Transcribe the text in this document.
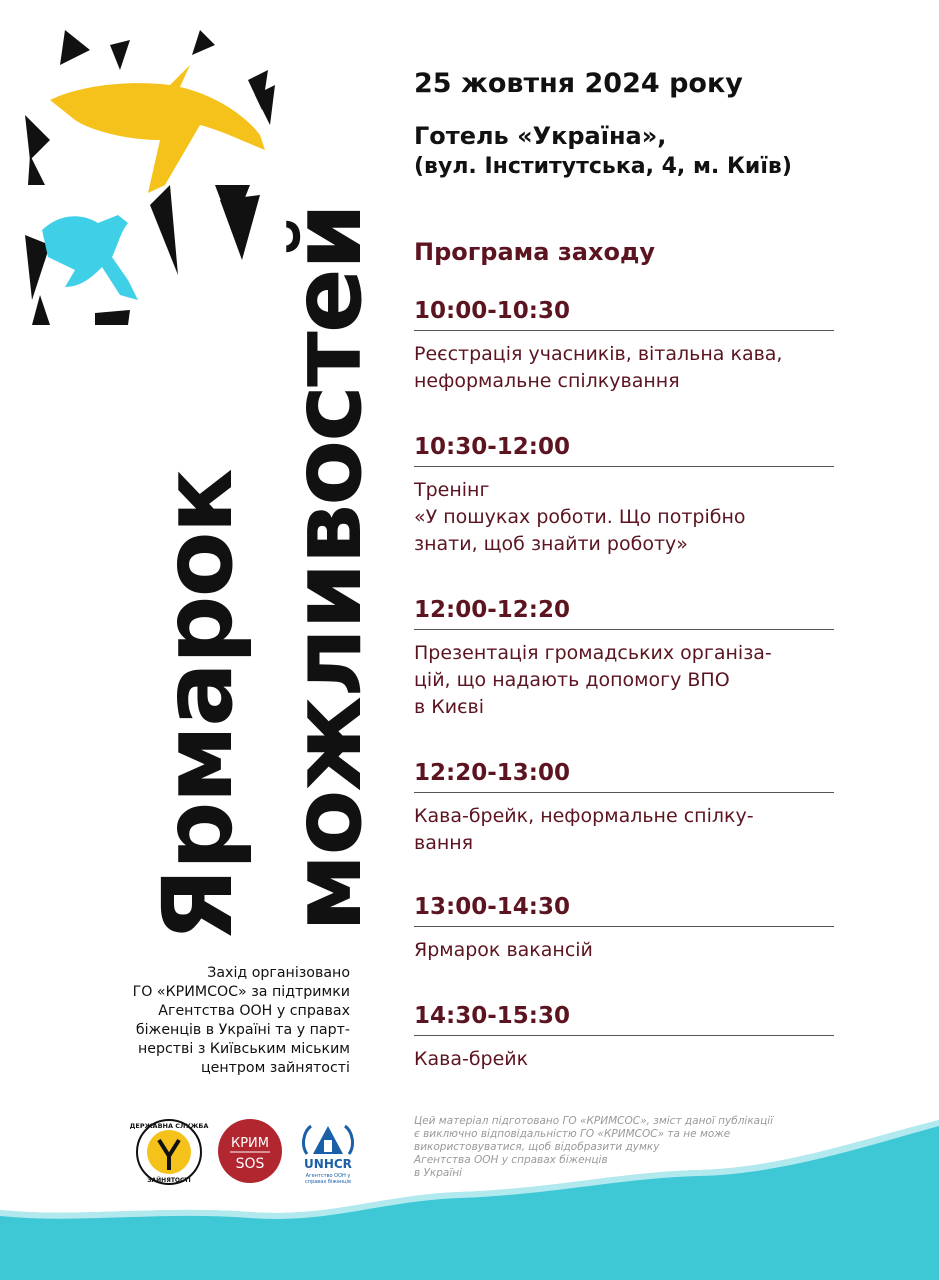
Ярмарок можливостей
25 жовтня 2024 року
Готель «Україна»,
(вул. Інститутська, 4, м. Київ)
Програма заходу
10:00-10:30
Реєстрація учасників, вітальна кава,
неформальне спілкування
10:30-12:00
Тренінг
«У пошуках роботи. Що потрібно
знати, щоб знайти роботу»
12:00-12:20
Презентація громадських організа-
цій, що надають допомогу ВПО
в Києві
12:20-13:00
Кава-брейк, неформальне спілку-
вання
13:00-14:30
Ярмарок вакансій
14:30-15:30
Кава-брейк
Захід організовано
ГО «КРИМСОС» за підтримки
Агентства ООН у справах
біженців в Україні та у парт-
нерстві з Київським міським
центром зайнятості
ДЕРЖАВНА СЛУЖБА
ЗАЙНЯТОСТІ
КРИМ
SOS	UNHCR
Агентство ООН у
справах біженців
Цей матеріал підготовано ГО «КРИМСОС», зміст даної публікації
є виключно відповідальністю ГО «КРИМСОС» та не може
використовуватися, щоб відобразити думку
Агентства ООН у справах біженців
в Україні
